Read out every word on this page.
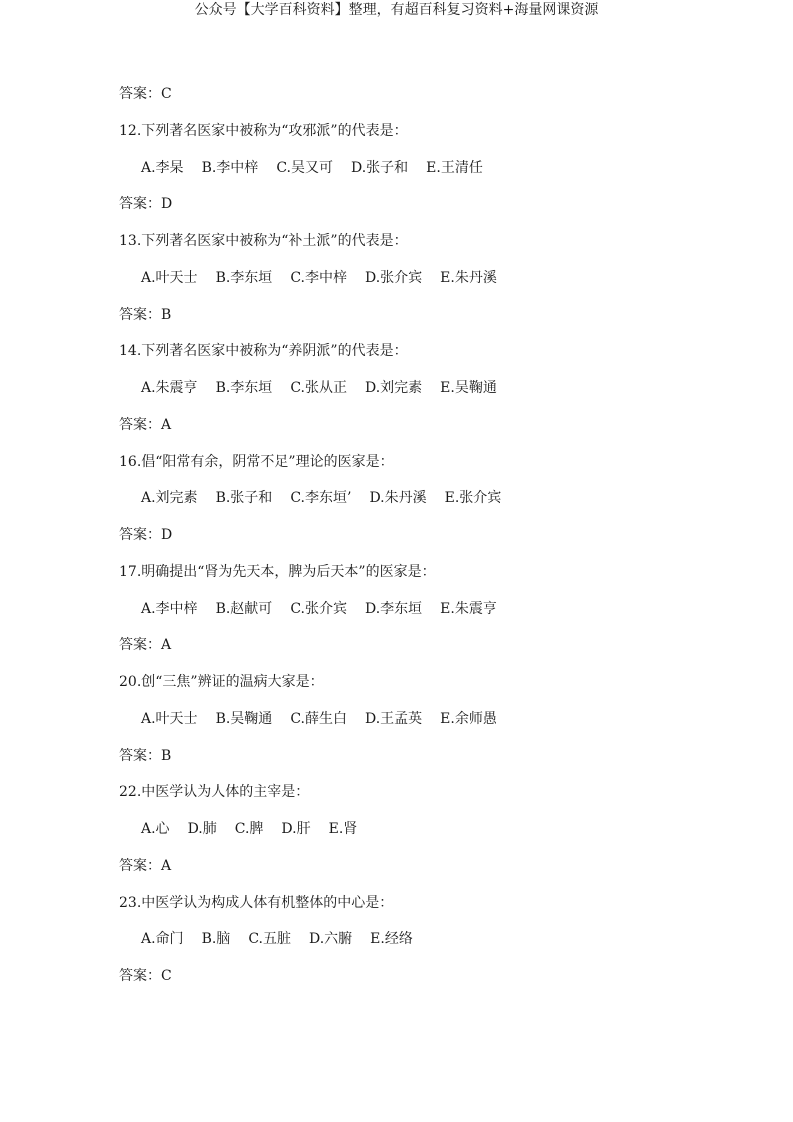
公众号【大学百科资料】整理，有超百科复习资料+海量网课资源
答案：C
12.下列著名医家中被称为“攻邪派”的代表是：
A.李杲 B.李中梓 C.吴又可 D.张子和 E.王清任
答案：D
13.下列著名医家中被称为“补土派”的代表是：
A.叶天士 B.李东垣 C.李中梓 D.张介宾 E.朱丹溪
答案：B
14.下列著名医家中被称为“养阴派”的代表是：
A.朱震亨 B.李东垣 C.张从正 D.刘完素 E.吴鞠通
答案：A
16.倡“阳常有余，阴常不足”理论的医家是：
A.刘完素 B.张子和 C.李东垣’ D.朱丹溪 E.张介宾
答案：D
17.明确提出“肾为先天本，脾为后天本”的医家是：
A.李中梓 B.赵献可 C.张介宾 D.李东垣 E.朱震亨
答案：A
20.创“三焦”辨证的温病大家是：
A.叶天士 B.吴鞠通 C.薛生白 D.王孟英 E.余师愚
答案：B
22.中医学认为人体的主宰是：
A.心 D.肺 C.脾 D.肝 E.肾
答案：A
23.中医学认为构成人体有机整体的中心是：
A.命门 B.脑 C.五脏 D.六腑 E.经络
答案：C
